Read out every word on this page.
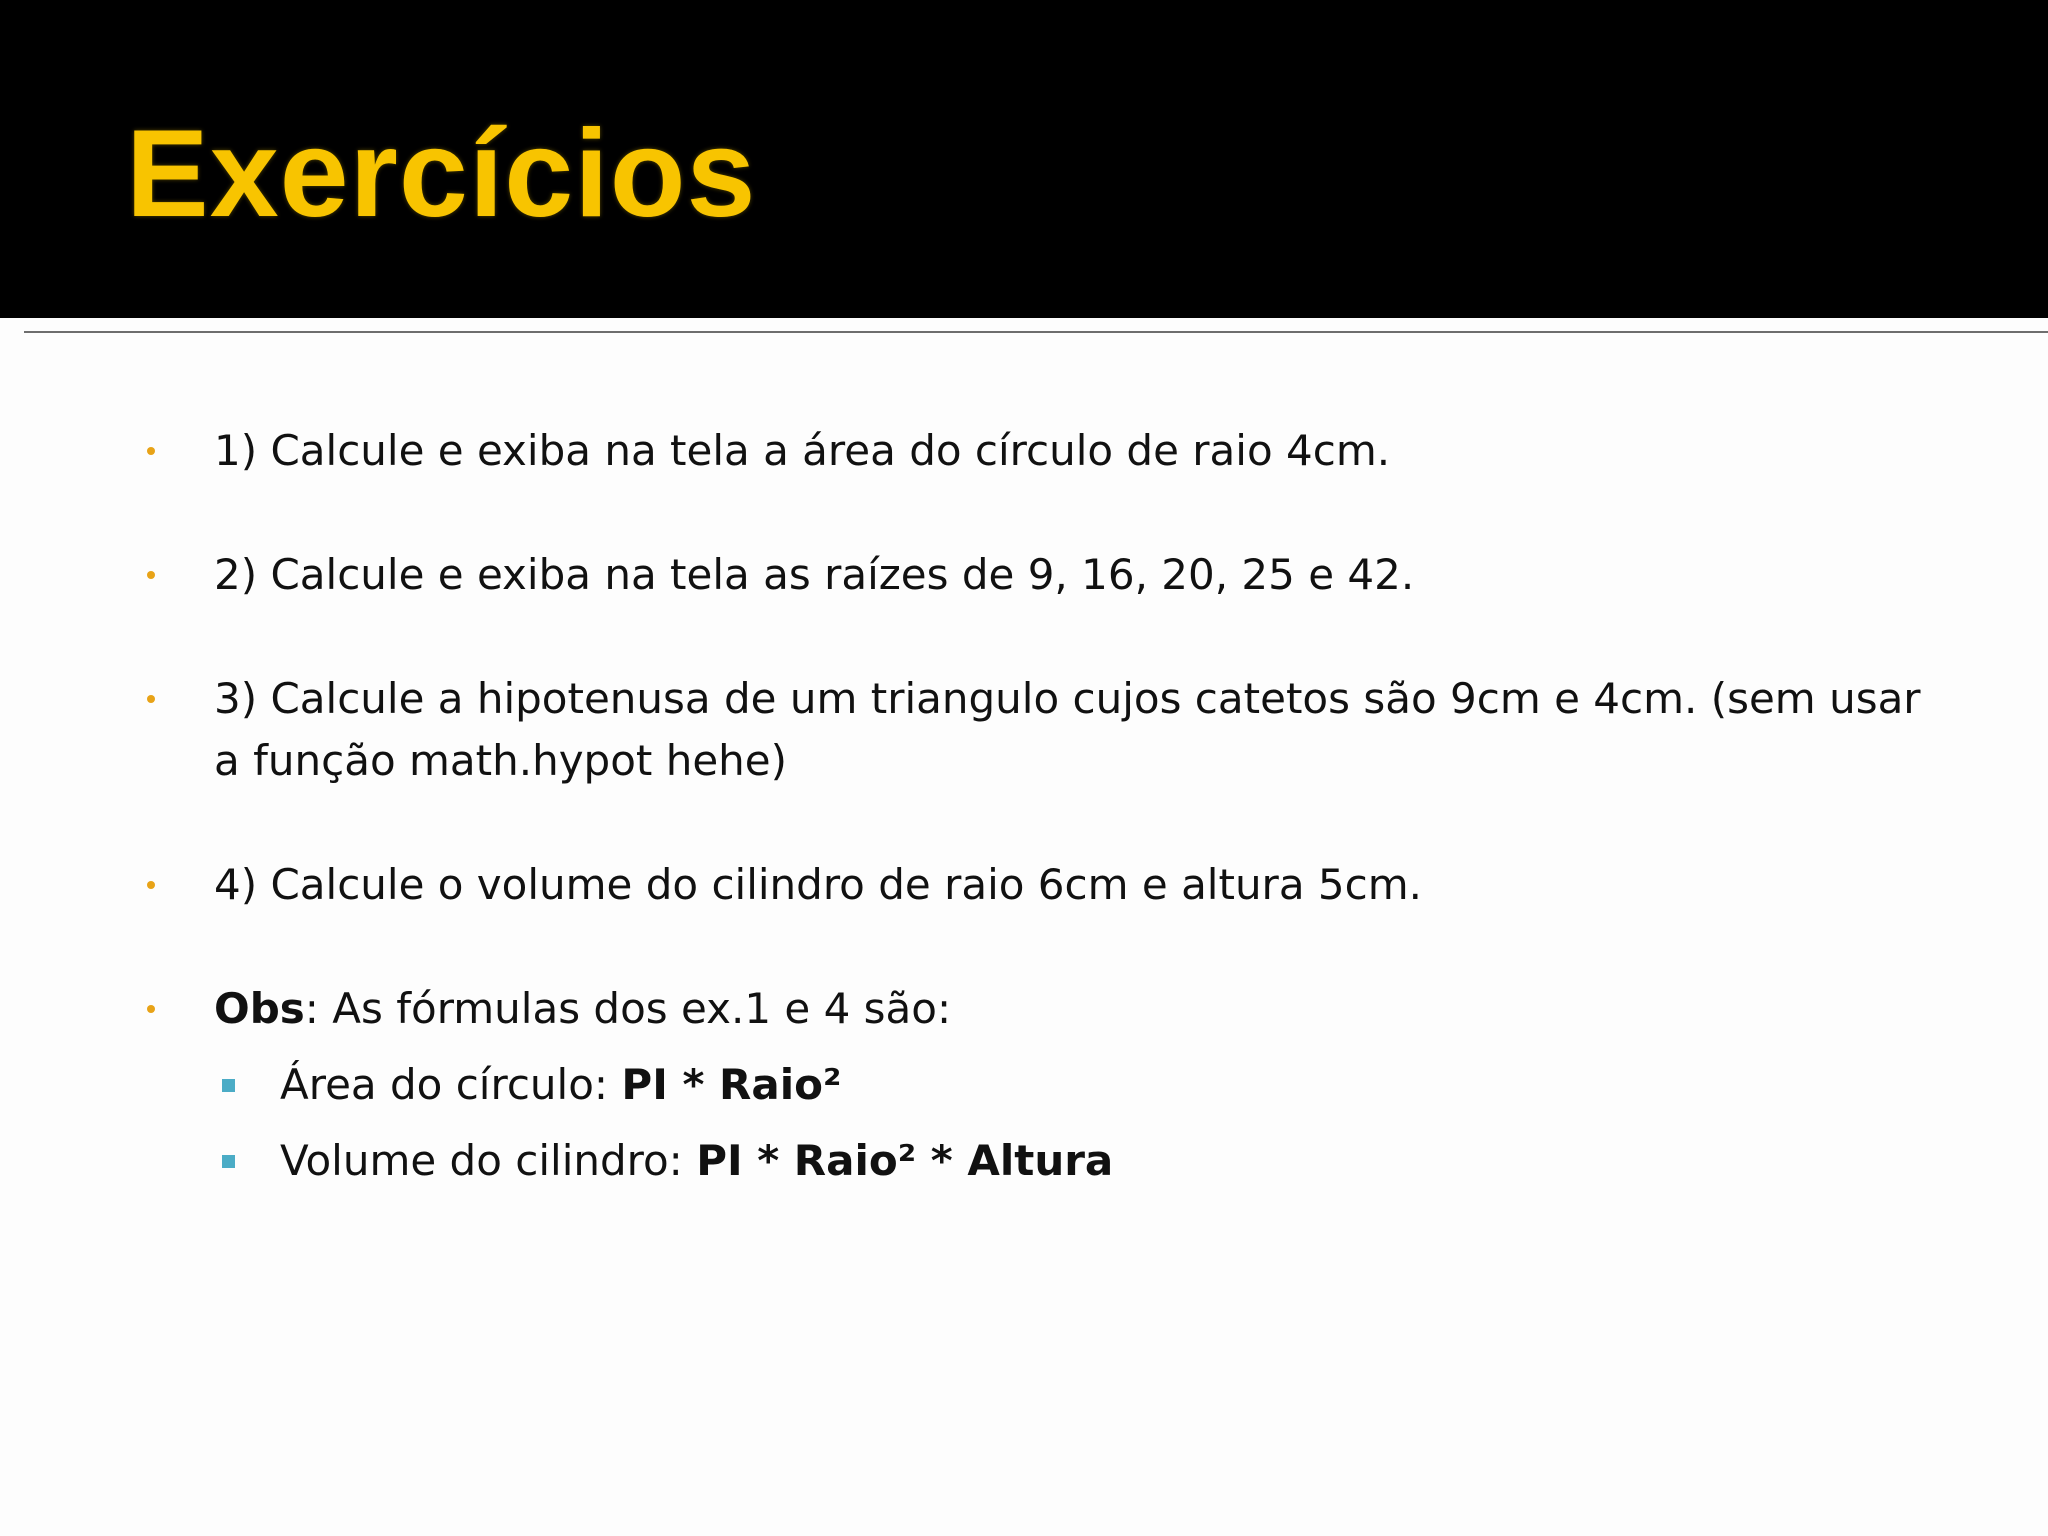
Exercícios
1) Calcule e exiba na tela a área do círculo de raio 4cm.
2) Calcule e exiba na tela as raízes de 9, 16, 20, 25 e 42.
3) Calcule a hipotenusa de um triangulo cujos catetos são 9cm e 4cm. (sem usar a função math.hypot hehe)
4) Calcule o volume do cilindro de raio 6cm e altura 5cm.
Obs: As fórmulas dos ex.1 e 4 são:
Área do círculo: PI * Raio²
Volume do cilindro: PI * Raio² * Altura
